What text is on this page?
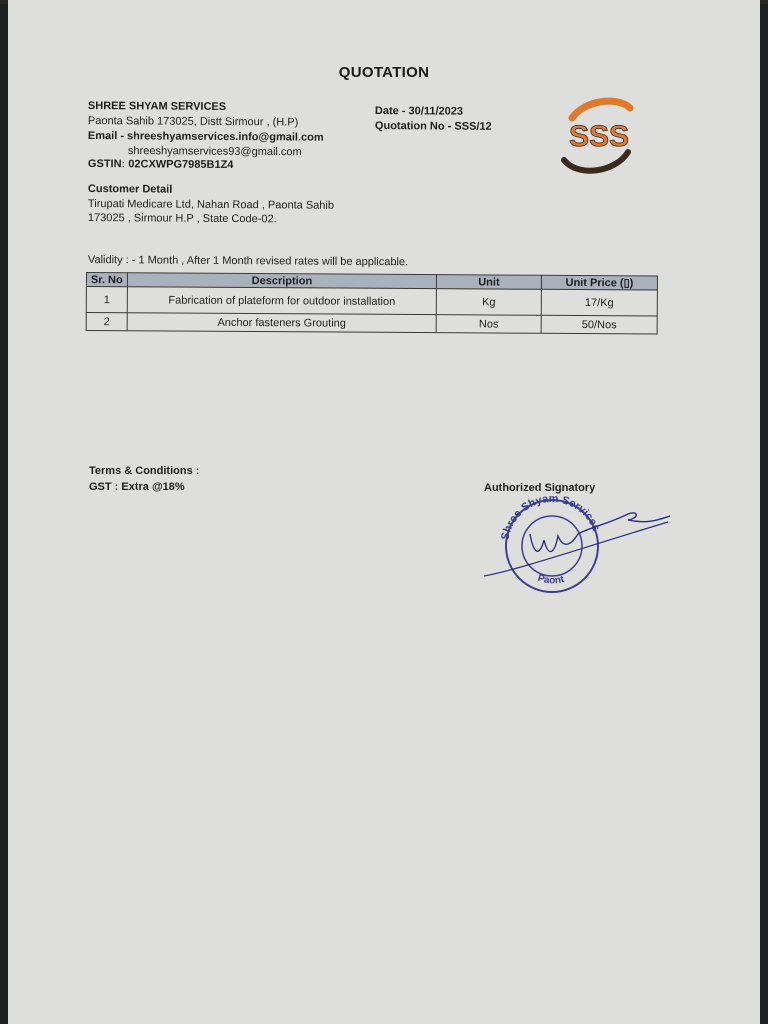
QUOTATION
SHREE SHYAM SERVICES
Paonta Sahib 173025, Distt Sirmour , (H.P)
Email - shreeshyamservices.info@gmail.com
shreeshyamservices93@gmail.com
GSTIN: 02CXWPG7985B1Z4
Date - 30/11/2023
Quotation No - SSS/12	SSS
Customer Detail
Tirupati Medicare Ltd, Nahan Road , Paonta Sahib
173025 , Sirmour H.P , State Code-02.
Validity : - 1 Month , After 1 Month revised rates will be applicable.
Sr. No	Description	Unit	Unit Price (▯)
1	Fabrication of plateform for outdoor installation	Kg	17/Kg
2	Anchor fasteners Grouting	Nos	50/Nos
Terms & Conditions :
GST : Extra @18%	Authorized Signatory
Shree Shyam Services
Paont
